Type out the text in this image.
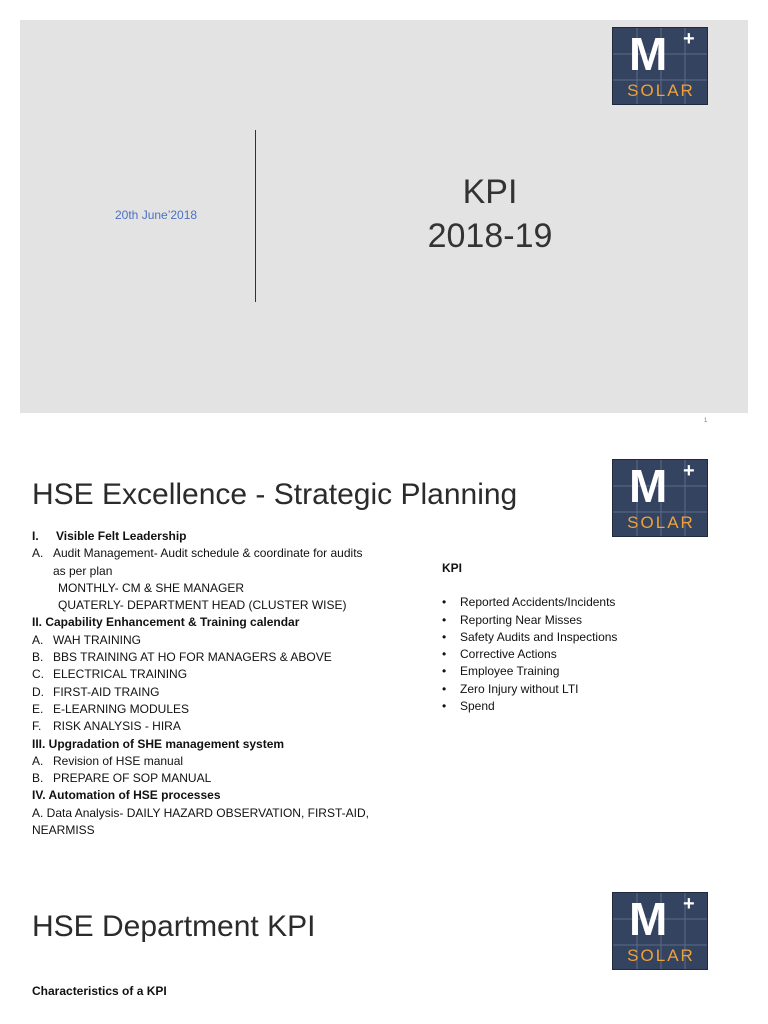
20th June’2018
KPI
2018-19
1
M +
SOLAR
HSE Excellence - Strategic Planning M +
SOLAR
I.	Visible Felt Leadership
A. Audit Management- Audit schedule & coordinate for audits
as per plan
MONTHLY- CM & SHE MANAGER
QUATERLY- DEPARTMENT HEAD (CLUSTER WISE)
II. Capability Enhancement & Training calendar
A. WAH TRAINING
B. BBS TRAINING AT HO FOR MANAGERS & ABOVE
C. ELECTRICAL TRAINING
D. FIRST-AID TRAING
E. E-LEARNING MODULES
F. RISK ANALYSIS - HIRA
III. Upgradation of SHE management system
A. Revision of HSE manual
B. PREPARE OF SOP MANUAL
IV. Automation of HSE processes
A. Data Analysis- DAILY HAZARD OBSERVATION, FIRST-AID,
NEARMISS
KPI
•	Reported Accidents/Incidents
•	Reporting Near Misses
•	Safety Audits and Inspections
•	Corrective Actions
•	Employee Training
•	Zero Injury without LTI
•	Spend
HSE Department KPI	M +
SOLAR
Characteristics of a KPI
